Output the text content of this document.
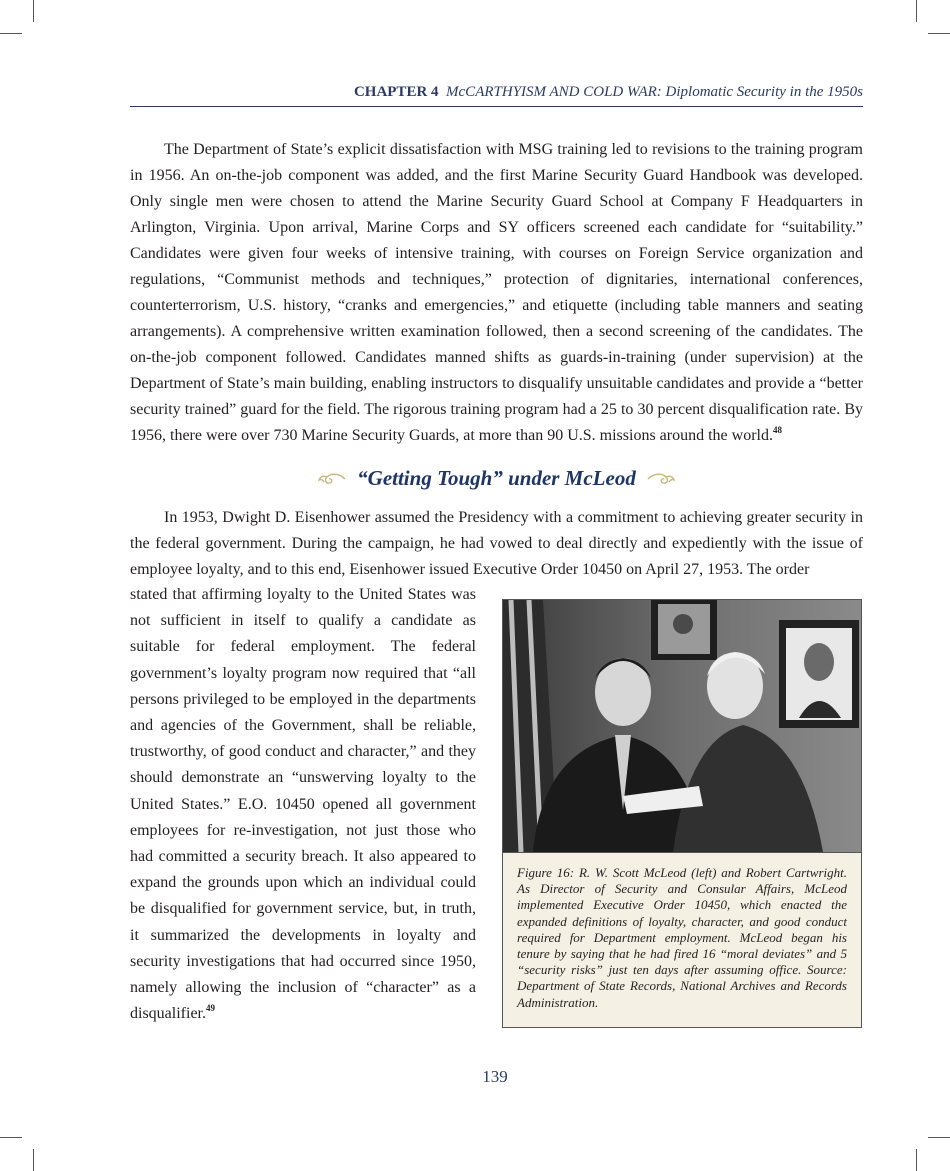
CHAPTER 4 McCARTHYISM AND COLD WAR: Diplomatic Security in the 1950s

The Department of State’s explicit dissatisfaction with MSG training led to revisions to the training program in 1956. An on-the-job component was added, and the first Marine Security Guard Handbook was developed. Only single men were chosen to attend the Marine Security Guard School at Company F Headquarters in Arlington, Virginia. Upon arrival, Marine Corps and SY officers screened each candidate for “suitability.” Candidates were given four weeks of intensive training, with courses on Foreign Service organization and regulations, “Communist methods and techniques,” protection of dignitaries, international conferences, counterterrorism, U.S. history, “cranks and emergencies,” and etiquette (including table manners and seating arrangements). A comprehensive written examination followed, then a second screening of the candidates. The on-the-job component followed. Candidates manned shifts as guards-in-training (under supervision) at the Department of State’s main building, enabling instructors to disqualify unsuitable candidates and provide a “better security trained” guard for the field. The rigorous training program had a 25 to 30 percent disqualification rate. By 1956, there were over 730 Marine Security Guards, at more than 90 U.S. missions around the world.$^{48}$

“Getting Tough” under McLeod

In 1953, Dwight D. Eisenhower assumed the Presidency with a commitment to achieving greater security in the federal government. During the campaign, he had vowed to deal directly and expediently with the issue of employee loyalty, and to this end, Eisenhower issued Executive Order 10450 on April 27, 1953. The order

stated that affirming loyalty to the United States was not sufficient in itself to qualify a candidate as suitable for federal employment. The federal government’s loyalty program now required that “all persons privileged to be employed in the departments and agencies of the Government, shall be reliable, trustworthy, of good conduct and character,” and they should demonstrate an “unswerving loyalty to the United States.” E.O. 10450 opened all government employees for re-investigation, not just those who had committed a security breach. It also appeared to expand the grounds upon which an individual could be disqualified for government service, but, in truth, it summarized the developments in loyalty and security investigations that had occurred since 1950, namely allowing the inclusion of “character” as a disqualifier.$^{49}$

Figure 16: R. W. Scott McLeod (left) and Robert Cartwright. As Director of Security and Consular Affairs, McLeod implemented Executive Order 10450, which enacted the expanded definitions of loyalty, character, and good conduct required for Department employment. McLeod began his tenure by saying that he had fired 16 “moral deviates” and 5 “security risks” just ten days after assuming office. Source: Department of State Records, National Archives and Records Administration.

139
